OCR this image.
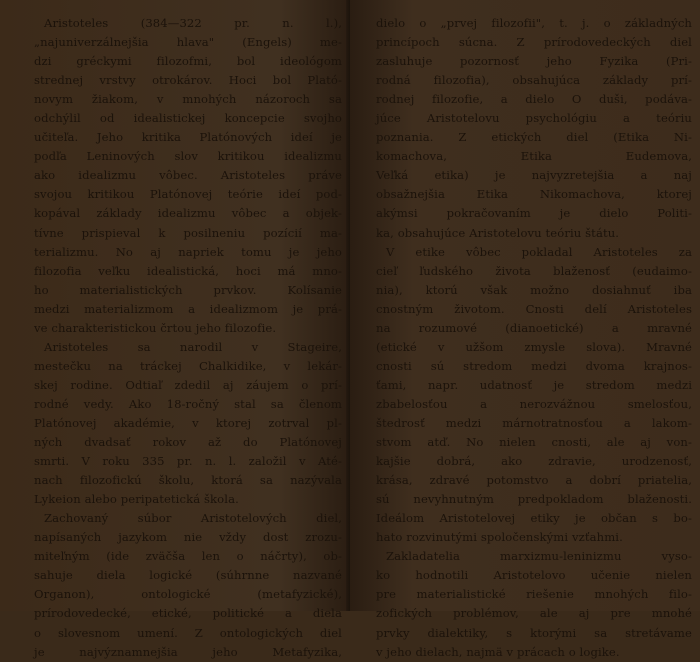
Aristoteles (384—322 pr. n. l.),
„najuniverzálnejšia hlava" (Engels) me-
dzi gréckymi filozofmi, bol ideológom
strednej vrstvy otrokárov. Hoci bol Platό-
novym žiakom, v mnohých názoroch sa
odchýlil od idealistickej koncepcie svojho
učiteľa. Jeho kritika Platónových ideí je
podľa Leninových slov kritikou idealizmu
ako idealizmu vôbec. Aristoteles práve
svojou kritikou Platónovej teórie ideí pod-
kopával základy idealizmu vôbec a objek-
tívne prispieval k posilneniu pozícií ma-
terializmu. No aj napriek tomu je jeho
filozofia veľku idealistická, hoci má mno-
ho materialistických prvkov. Kolísanie
medzi materializmom a idealizmom je prá-
ve charakteristickou črtou jeho filozofie.
Aristoteles sa narodil v Stageire,
mestečku na tráckej Chalkidike, v lekár-
skej rodine. Odtiaľ zdedil aj záujem o prí-
rodné vedy. Ako 18-ročný stal sa členom
Platónovej akadémie, v ktorej zotrval pl-
ných dvadsať rokov až do Platónovej
smrti. V roku 335 pr. n. l. založil v Até-
nach filozofickú školu, ktorá sa nazývala
Lykeion alebo peripatetická škola.
Zachovaný súbor Aristotelových diel,
napísaných jazykom nie vždy dost zrozu-
miteľným (ide zväčša len o náčrty), ob-
sahuje diela logické (súhrnne nazvané
Organon), ontologické (metafyzické),
prírodovedecké, etické, politické a diela
o slovesnom umení. Z ontologických diel
je najvýznamnejšia jeho Metafyzika,
dielo o „prvej filozofii", t. j. o základných
princípoch súcna. Z prírodovedeckých diel
zasluhuje pozornosť jeho Fyzika (Pri-
rodná filozofia), obsahujúca základy prí-
rodnej filozofie, a dielo O duši, podáva-
júce Aristotelovu psychológiu a teóriu
poznania. Z etických diel (Etika Ni-
komachova, Etika Eudemova,
Veľká etika) je najvyzretejšia a naj
obsažnejšia Etika Nikomachova, ktorej
akýmsi pokračovaním je dielo Politi-
ka, obsahujúce Aristotelovu teóriu štátu.
V etike vôbec pokladal Aristoteles za
cieľ ľudského života blaženosť (eudaimo-
nia), ktorú však možno dosiahnuť iba
cnostným životom. Cnosti delí Aristoteles
na rozumové (dianoetické) a mravné
(etické v užšom zmysle slova). Mravné
cnosti sú stredom medzi dvoma krajnos-
ťami, napr. udatnosť je stredom medzi
zbabelosťou a nerozvážnou smelosťou,
štedrosť medzi márnotratnosťou a lakom-
stvom atď. No nielen cnosti, ale aj von-
kajšie dobrá, ako zdravie, urodzenosť,
krása, zdravé potomstvo a dobrí priatelia,
sú nevyhnutným predpokladom blaženosti.
Ideálom Aristotelovej etiky je občan s bo-
hato rozvinutými spoločenskými vzťahmi.
Zakladatelia marxizmu-leninizmu vyso-
ko hodnotili Aristotelovo učenie nielen
pre materialistické riešenie mnohých filo-
zofických problémov, ale aj pre mnohé
prvky dialektiky, s ktorými sa stretávame
v jeho dielach, najmä v prácach o logike.
